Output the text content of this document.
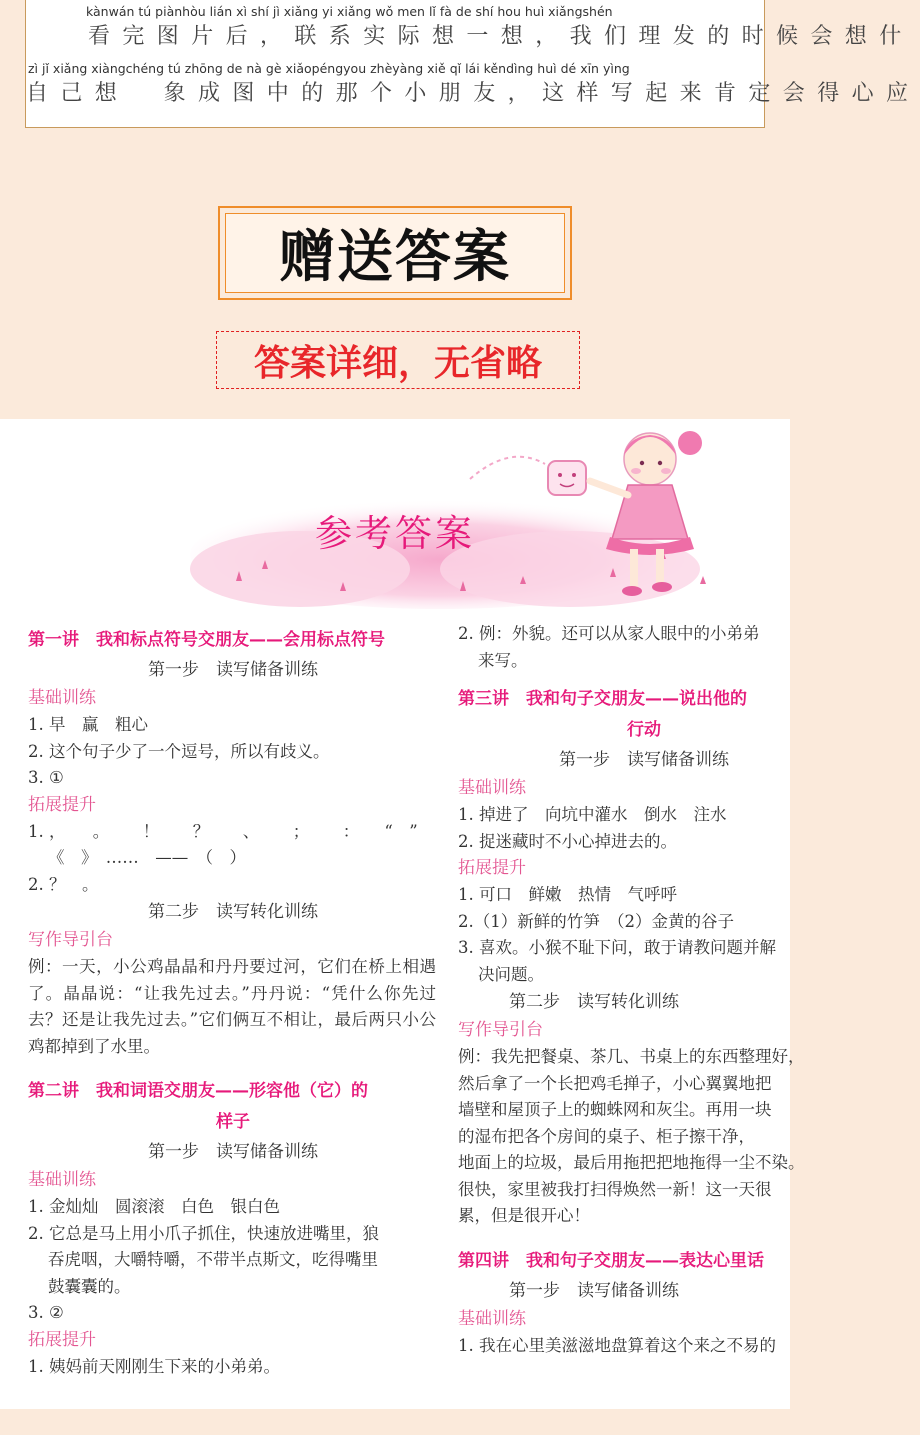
kànwán tú piànhòu lián xì shí jì xiǎng yi xiǎng wǒ men lǐ fà de shí hou huì xiǎngshén
看完图片后，联系实际想一想，我们理发的时候会想什
zì jǐ xiǎng xiàngchéng tú zhōng de nà gè xiǎopéngyou zhèyàng xiě qǐ lái kěndìng huì dé xīn yìng
自己想　象成图中的那个小朋友，这样写起来肯定会得心应
赠送答案
答案详细，无省略
参考答案
第一讲　我和标点符号交朋友——会用标点符号
第一步　读写储备训练
基础训练
1. 早　赢　粗心
2. 这个句子少了一个逗号，所以有歧义。
3. ①
拓展提升
1. ， 。 ！ ？ 、 ； ： “　”
《　》　……　——　（　）
2. ？　。
第二步　读写转化训练
写作导引台
例：一天，小公鸡晶晶和丹丹要过河，它们在桥上相遇了。晶晶说：“让我先过去。”丹丹说：“凭什么你先过去？还是让我先过去。”它们俩互不相让，最后两只小公鸡都掉到了水里。
第二讲　我和词语交朋友——形容他（它）的
样子
第一步　读写储备训练
基础训练
1. 金灿灿　圆滚滚　白色　银白色
2. 它总是马上用小爪子抓住，快速放进嘴里，狼
吞虎咽，大嚼特嚼，不带半点斯文，吃得嘴里
鼓囊囊的。
3. ②
拓展提升
1. 姨妈前天刚刚生下来的小弟弟。
2. 例：外貌。还可以从家人眼中的小弟弟
来写。
第三讲　我和句子交朋友——说出他的
行动
第一步　读写储备训练
基础训练
1. 掉进了　向坑中灌水　倒水　注水
2. 捉迷藏时不小心掉进去的。
拓展提升
1. 可口　鲜嫩　热情　气呼呼
2.（1）新鲜的竹笋　（2）金黄的谷子
3. 喜欢。小猴不耻下问，敢于请教问题并解
决问题。
第二步　读写转化训练
写作导引台
例：我先把餐桌、茶几、书桌上的东西整理好，
然后拿了一个长把鸡毛掸子，小心翼翼地把
墙壁和屋顶子上的蜘蛛网和灰尘。再用一块
的湿布把各个房间的桌子、柜子擦干净，
地面上的垃圾，最后用拖把把地拖得一尘不染。
很快，家里被我打扫得焕然一新！这一天很
累，但是很开心！
第四讲　我和句子交朋友——表达心里话
第一步　读写储备训练
基础训练
1. 我在心里美滋滋地盘算着这个来之不易的
